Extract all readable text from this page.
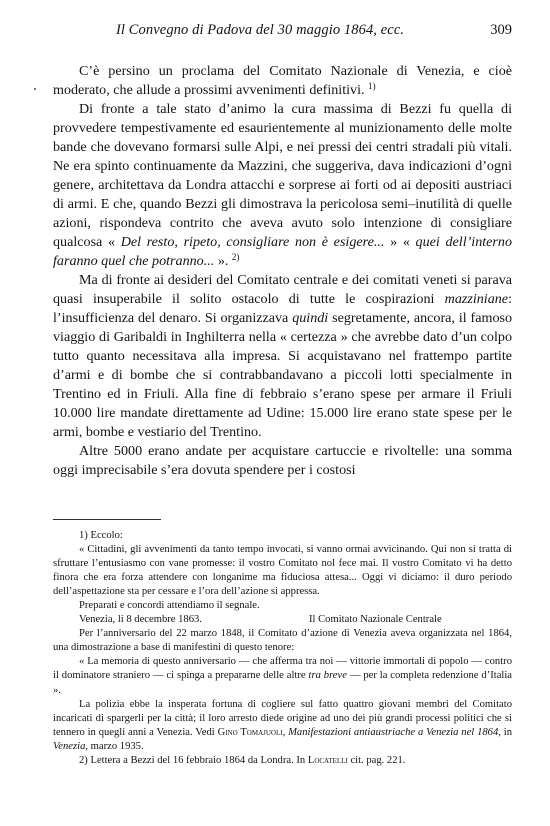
Il Convegno di Padova del 30 maggio 1864, ecc.	309

C’è persino un proclama del Comitato Nazionale di Venezia, e cioè moderato, che allude a prossimi avvenimenti definitivi. $^{1)}$

Di fronte a tale stato d’animo la cura massima di Bezzi fu quella di provvedere tempestivamente ed esaurientemente al munizionamento delle molte bande che dovevano formarsi sulle Alpi, e nei pressi dei centri stradali più vitali. Ne era spinto continuamente da Mazzini, che suggeriva, dava indicazioni d’ogni genere, architettava da Londra attacchi e sorprese ai forti od ai depositi austriaci di armi. E che, quando Bezzi gli dimostrava la pericolosa semi–inutilità di quelle azioni, rispondeva contrito che aveva avuto solo intenzione di consigliare qualcosa « Del resto, ripeto, consigliare non è esigere... » « quei dell’interno faranno quel che potranno... ». $^{2)}$

Ma di fronte ai desideri del Comitato centrale e dei comitati veneti si parava quasi insuperabile il solito ostacolo di tutte le cospirazioni mazziniane: l’insufficienza del denaro. Si organizzava quindi segretamente, ancora, il famoso viaggio di Garibaldi in Inghilterra nella « certezza » che avrebbe dato d’un colpo tutto quanto necessitava alla impresa. Si acquistavano nel frattempo partite d’armi e di bombe che si contrabbandavano a piccoli lotti specialmente in Trentino ed in Friuli. Alla fine di febbraio s’erano spese per armare il Friuli 10.000 lire mandate direttamente ad Udine: 15.000 lire erano state spese per le armi, bombe e vestiario del Trentino.

Altre 5000 erano andate per acquistare cartuccie e rivoltelle: una somma oggi imprecisabile s’era dovuta spendere per i costosi

1) Eccolo:

« Cittadini, gli avvenimenti da tanto tempo invocati, si vanno ormai avvicinando. Qui non si tratta di sfruttare l’entusiasmo con vane promesse: il vostro Comitato nol fece mai. Il vostro Comitato vi ha detto finora che era forza attendere con longanime ma fiduciosa attesa... Oggi vi diciamo: il duro periodo dell’aspettazione sta per cessare e l’ora dell’azione si appressa.

Preparati e concordi attendiamo il segnale.

Venezia, li 8 decembre 1863.	Il Comitato Nazionale Centrale

Per l’anniversario del 22 marzo 1848, il Comitato d’azione di Venezia aveva organizzata nel 1864, una dimostrazione a base di manifestini di questo tenore:

« La memoria di questo anniversario — che afferma tra noi — vittorie immortali di popolo — contro il dominatore straniero — ci spinga a prepararne delle altre tra breve — per la completa redenzione d’Italia ».

La polizia ebbe la insperata fortuna di cogliere sul fatto quattro giovani membri del Comitato incaricati di spargerli per la città; il loro arresto diede origine ad uno dei più grandi processi politici che si tennero in quegli anni a Venezia. Vedi Gino Tomajuoli, Manifestazioni antiaustriache a Venezia nel 1864, in Venezia, marzo 1935.

2) Lettera a Bezzi del 16 febbraio 1864 da Londra. In Locatelli cit. pag. 221.
